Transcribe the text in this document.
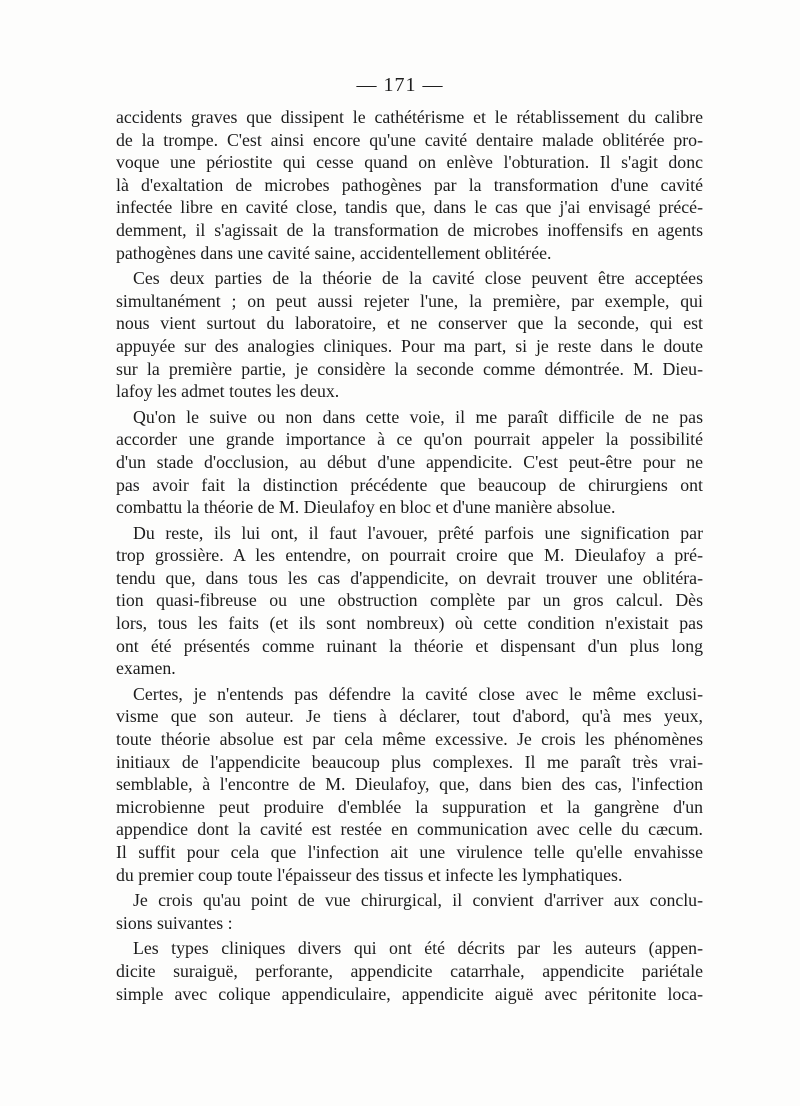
— 171 —
accidents graves que dissipent le cathétérisme et le rétablissement du calibre
de la trompe. C'est ainsi encore qu'une cavité dentaire malade oblitérée pro-
voque une périostite qui cesse quand on enlève l'obturation. Il s'agit donc
là d'exaltation de microbes pathogènes par la transformation d'une cavité
infectée libre en cavité close, tandis que, dans le cas que j'ai envisagé précé-
demment, il s'agissait de la transformation de microbes inoffensifs en agents
pathogènes dans une cavité saine, accidentellement oblitérée.
Ces deux parties de la théorie de la cavité close peuvent être acceptées
simultanément ; on peut aussi rejeter l'une, la première, par exemple, qui
nous vient surtout du laboratoire, et ne conserver que la seconde, qui est
appuyée sur des analogies cliniques. Pour ma part, si je reste dans le doute
sur la première partie, je considère la seconde comme démontrée. M. Dieu-
lafoy les admet toutes les deux.
Qu'on le suive ou non dans cette voie, il me paraît difficile de ne pas
accorder une grande importance à ce qu'on pourrait appeler la possibilité
d'un stade d'occlusion, au début d'une appendicite. C'est peut-être pour ne
pas avoir fait la distinction précédente que beaucoup de chirurgiens ont
combattu la théorie de M. Dieulafoy en bloc et d'une manière absolue.
Du reste, ils lui ont, il faut l'avouer, prêté parfois une signification par
trop grossière. A les entendre, on pourrait croire que M. Dieulafoy a pré-
tendu que, dans tous les cas d'appendicite, on devrait trouver une oblitéra-
tion quasi-fibreuse ou une obstruction complète par un gros calcul. Dès
lors, tous les faits (et ils sont nombreux) où cette condition n'existait pas
ont été présentés comme ruinant la théorie et dispensant d'un plus long
examen.
Certes, je n'entends pas défendre la cavité close avec le même exclusi-
visme que son auteur. Je tiens à déclarer, tout d'abord, qu'à mes yeux,
toute théorie absolue est par cela même excessive. Je crois les phénomènes
initiaux de l'appendicite beaucoup plus complexes. Il me paraît très vrai-
semblable, à l'encontre de M. Dieulafoy, que, dans bien des cas, l'infection
microbienne peut produire d'emblée la suppuration et la gangrène d'un
appendice dont la cavité est restée en communication avec celle du cæcum.
Il suffit pour cela que l'infection ait une virulence telle qu'elle envahisse
du premier coup toute l'épaisseur des tissus et infecte les lymphatiques.
Je crois qu'au point de vue chirurgical, il convient d'arriver aux conclu-
sions suivantes :
Les types cliniques divers qui ont été décrits par les auteurs (appen-
dicite suraiguë, perforante, appendicite catarrhale, appendicite pariétale
simple avec colique appendiculaire, appendicite aiguë avec péritonite loca-
